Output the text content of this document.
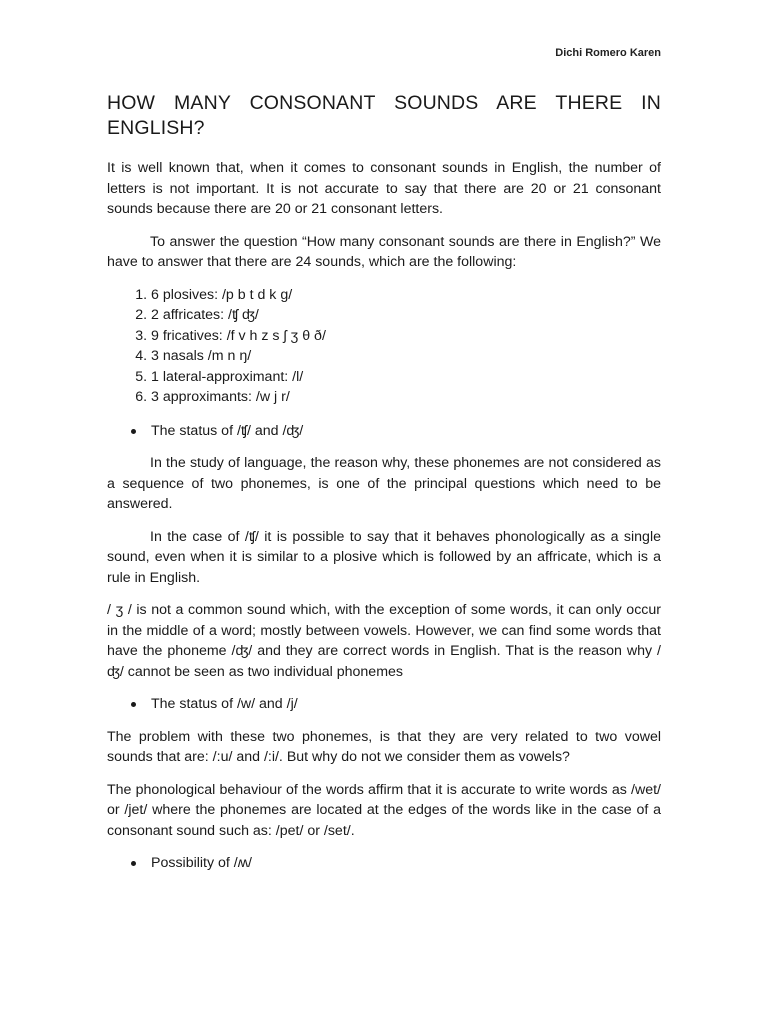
Dichi Romero Karen
HOW MANY CONSONANT SOUNDS ARE THERE IN
ENGLISH?

It is well known that, when it comes to consonant sounds in English, the number of letters is not important. It is not accurate to say that there are 20 or 21 consonant sounds because there are 20 or 21 consonant letters.

To answer the question “How many consonant sounds are there in English?” We have to answer that there are 24 sounds, which are the following:

1. 6 plosives: /p b t d k g/
2. 2 affricates: /ʧ ʤ/
3. 9 fricatives: /f v h z s ʃ ʒ θ ð/
4. 3 nasals /m n ŋ/
5. 1 lateral-approximant: /l/
6. 3 approximants: /w j r/
The status of /ʧ/ and /ʤ/

In the study of language, the reason why, these phonemes are not considered as a sequence of two phonemes, is one of the principal questions which need to be answered.

In the case of /ʧ/ it is possible to say that it behaves phonologically as a single sound, even when it is similar to a plosive which is followed by an affricate, which is a rule in English.

/ ʒ / is not a common sound which, with the exception of some words, it can only occur in the middle of a word; mostly between vowels. However, we can find some words that have the phoneme /ʤ/ and they are correct words in English. That is the reason why /ʤ/ cannot be seen as two individual phonemes

The status of /w/ and /j/

The problem with these two phonemes, is that they are very related to two vowel sounds that are: /:u/ and /:i/. But why do not we consider them as vowels?

The phonological behaviour of the words affirm that it is accurate to write words as /wet/ or /jet/ where the phonemes are located at the edges of the words like in the case of a consonant sound such as: /pet/ or /set/.

Possibility of /ʍ/
